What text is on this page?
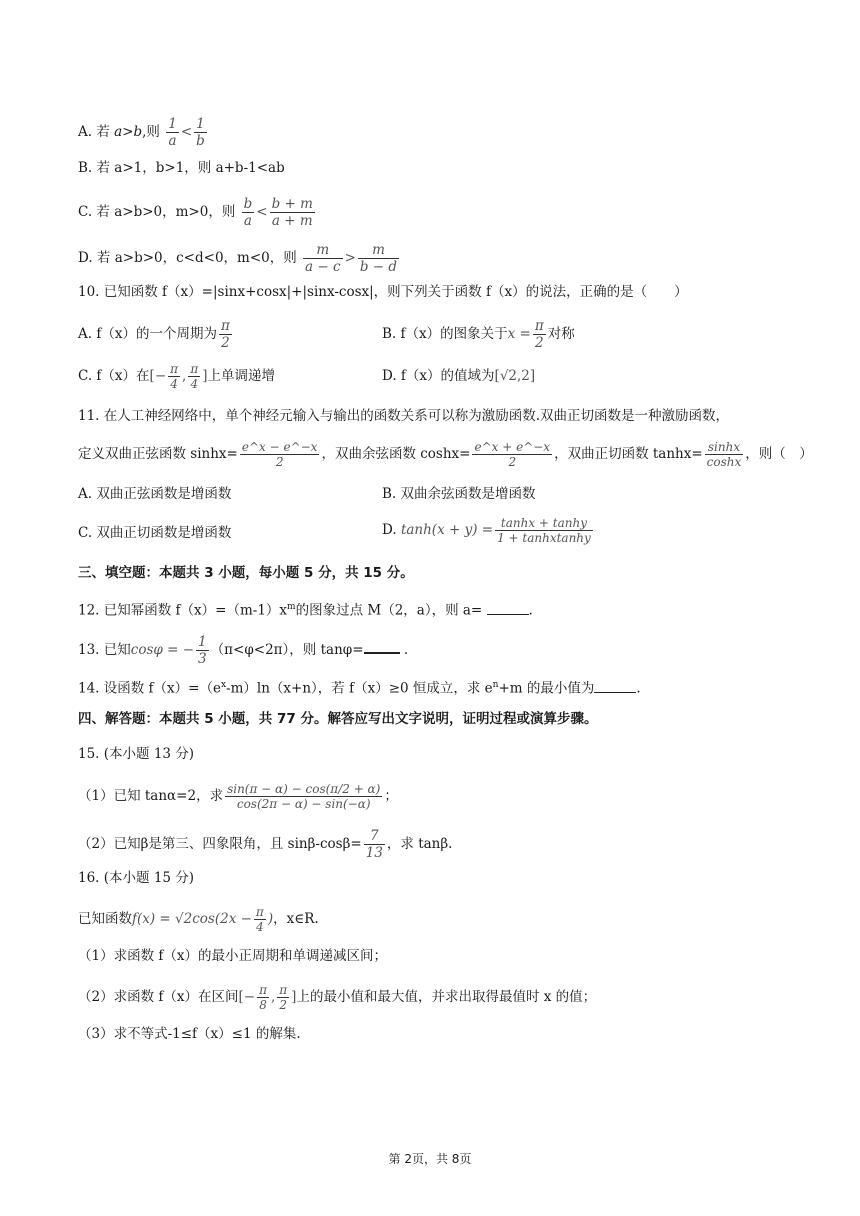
A. 若 a>b,则 $\frac{1}{a} < \frac{1}{b}$
B. 若 a>1，b>1，则 a+b-1<ab
C. 若 a>b>0，m>0，则 $\frac{b}{a} < \frac{b + m}{a + m}$
D. 若 a>b>0，c<d<0，m<0，则 $\frac{m}{a - c} > \frac{m}{b - d}$
10. 已知函数 f（x）=|sinx+cosx|+|sinx-cosx|，则下列关于函数 f（x）的说法，正确的是（　　）
A. f（x）的一个周期为 $\frac{\pi}{2}$	B. f（x）的图象关于$x = \frac{\pi}{2}$ 对称
C. f（x）在[− $\frac{\pi}{4}$ , $\frac{\pi}{4}$ ]上单调递增	D. f（x）的值域为[√2,2]
11. 在人工神经网络中，单个神经元输入与输出的函数关系可以称为激励函数.双曲正切函数是一种激励函数，
定义双曲正弦函数 $\sinh x= \frac{e\^{}x - e\^{}-x}{2}$ ，双曲余弦函数 $\cosh x= \frac{e\^{}x + e\^{}-x}{2}$ ，双曲正切函数 $\tanh x= \frac{\sinh x}{\cosh x}$ ，则（　）
A. 双曲正弦函数是增函数	B. 双曲余弦函数是增函数
C. 双曲正切函数是增函数	D. $\tanh(x + y) = \frac{\tanh x + \tanh y}{\text{1 + tanhxtanhy}}$
三、填空题：本题共 3 小题，每小题 5 分，共 15 分。
12. 已知幂函数 $f(x)=(m-1)x^m$的图象过点 M（2，a），则 a=	.
13. 已知cosφ = − $\frac{1}{3} (\pi<\varphi<2\pi)$，则 tanφ=	.
14. 设函数 $f(x)=(e^x-m)\ln(x+n)$，若 f（x）≥0 恒成立，求 $e^n+m$ 的最小值为	.
四、解答题：本题共 5 小题，共 77 分。解答应写出文字说明，证明过程或演算步骤。
15. (本小题 13 分)
（1）已知 tanα=2，求 $\frac{\sin(\pi - \alpha) - \cos(\pi/2 + \alpha)}{\cos(2\pi - \alpha) - \sin(-\alpha)}$ ；
（2）已知β是第三、四象限角，且 $\sin\beta-\cos\beta= \frac{7}{13}$ ，求 tanβ.
16. (本小题 15 分)
已知函数$f(x) = √2\cos(2x - \frac{\pi}{4}$ )，x∈R.
（1）求函数 f（x）的最小正周期和单调递减区间；
（2）求函数 f（x）在区间[− $\frac{\pi}{8}$ , $\frac{\pi}{2}$ ]上的最小值和最大值，并求出取得最值时 x 的值；
（3）求不等式-1≤f（x）≤1 的解集.
第 2页，共 8页
